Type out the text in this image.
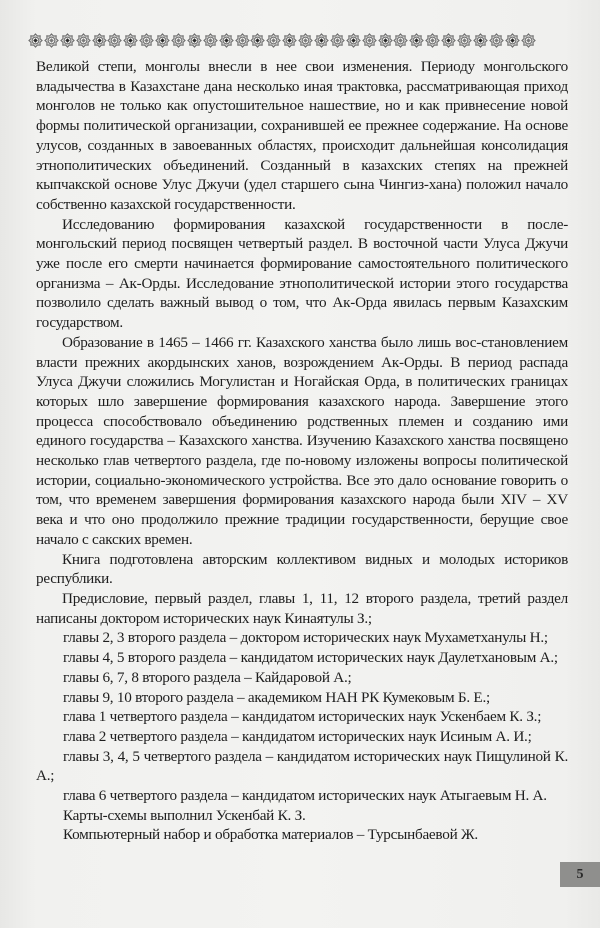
Великой степи, монголы внесли в нее свои изменения. Периоду монгольского владычества в Казахстане дана несколько иная трактовка, рассматривающая приход монголов не только как опустошительное нашествие, но и как привнесение новой формы политической организации, сохранившей ее прежнее содержание. На основе улусов, созданных в завоеванных областях, происходит дальнейшая консолидация этнополитических объединений. Созданный в казахских степях на прежней кыпчакской основе Улус Джучи (удел старшего сына Чингиз-хана) положил начало собственно казахской государственности.

Исследованию формирования казахской государственности в после-монгольский период посвящен четвертый раздел. В восточной части Улуса Джучи уже после его смерти начинается формирование самостоятельного политического организма – Ак-Орды. Исследование этнополитической истории этого государства позволило сделать важный вывод о том, что Ак-Орда явилась первым Казахским государством.

Образование в 1465 – 1466 гг. Казахского ханства было лишь вос-становлением власти прежних акордынских ханов, возрождением Ак-Орды. В период распада Улуса Джучи сложились Могулистан и Ногайская Орда, в политических границах которых шло завершение формирования казахского народа. Завершение этого процесса способствовало объединению родственных племен и созданию ими единого государства – Казахского ханства. Изучению Казахского ханства посвящено несколько глав четвертого раздела, где по-новому изложены вопросы политической истории, социально-экономического устройства. Все это дало основание говорить о том, что временем завершения формирования казахского народа были XIV – XV века и что оно продолжило прежние традиции государственности, берущие свое начало с сакских времен.

Книга подготовлена авторским коллективом видных и молодых историков республики.

Предисловие, первый раздел, главы 1, 11, 12 второго раздела, третий раздел написаны доктором исторических наук Кинаятулы З.;

главы 2, 3 второго раздела – доктором исторических наук Мухаметханулы Н.;

главы 4, 5 второго раздела – кандидатом исторических наук Даулетхановым А.;

главы 6, 7, 8 второго раздела – Кайдаровой А.;

главы 9, 10 второго раздела – академиком НАН РК Кумековым Б. Е.;

глава 1 четвертого раздела – кандидатом исторических наук Ускенбаем К. З.;

глава 2 четвертого раздела – кандидатом исторических наук Исиным А. И.;

главы 3, 4, 5 четвертого раздела – кандидатом исторических наук Пищулиной К. А.;

глава 6 четвертого раздела – кандидатом исторических наук Атыгаевым Н. А.

Карты-схемы выполнил Ускенбай К. З.

Компьютерный набор и обработка материалов – Турсынбаевой Ж.

5
